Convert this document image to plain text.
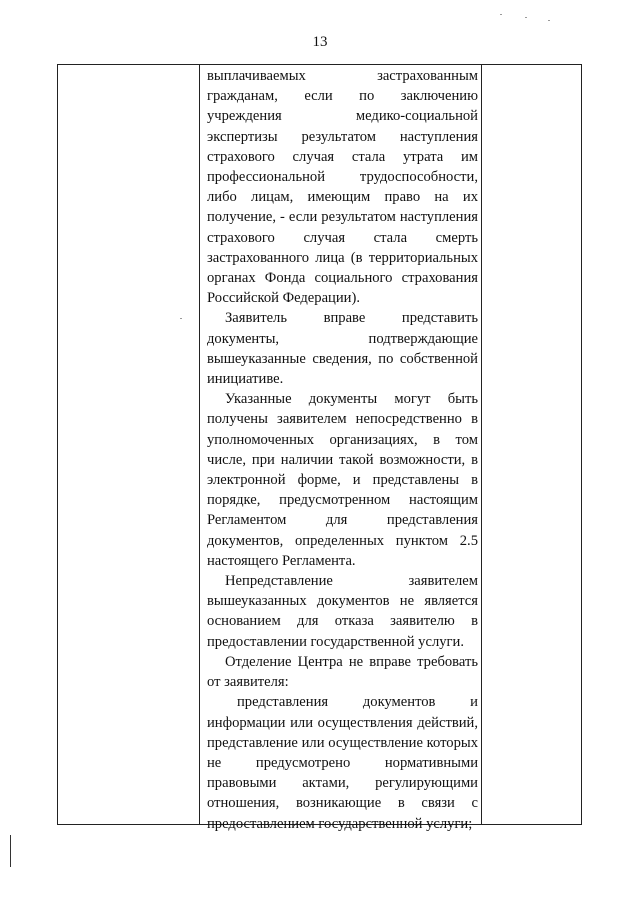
13

выплачиваемых застрахованным гражданам, если по заключению учреждения медико-социальной экспертизы результатом наступления страхового случая стала утрата им профессиональной трудоспособности, либо лицам, имеющим право на их получение, - если результатом наступления страхового случая стала смерть застрахованного лица (в территориальных органах Фонда социального страхования Российской Федерации).

Заявитель вправе представить документы, подтверждающие вышеуказанные сведения, по собственной инициативе.

Указанные документы могут быть получены заявителем непосредственно в уполномоченных организациях, в том числе, при наличии такой возможности, в электронной форме, и представлены в порядке, предусмотренном настоящим Регламентом для представления документов, определенных пунктом 2.5 настоящего Регламента.

Непредставление заявителем вышеуказанных документов не является основанием для отказа заявителю в предоставлении государственной услуги.

Отделение Центра не вправе требовать от заявителя:

представления документов и информации или осуществления действий, представление или осуществление которых не предусмотрено нормативными правовыми актами, регулирующими отношения, возникающие в связи с предоставлением государственной услуги;
